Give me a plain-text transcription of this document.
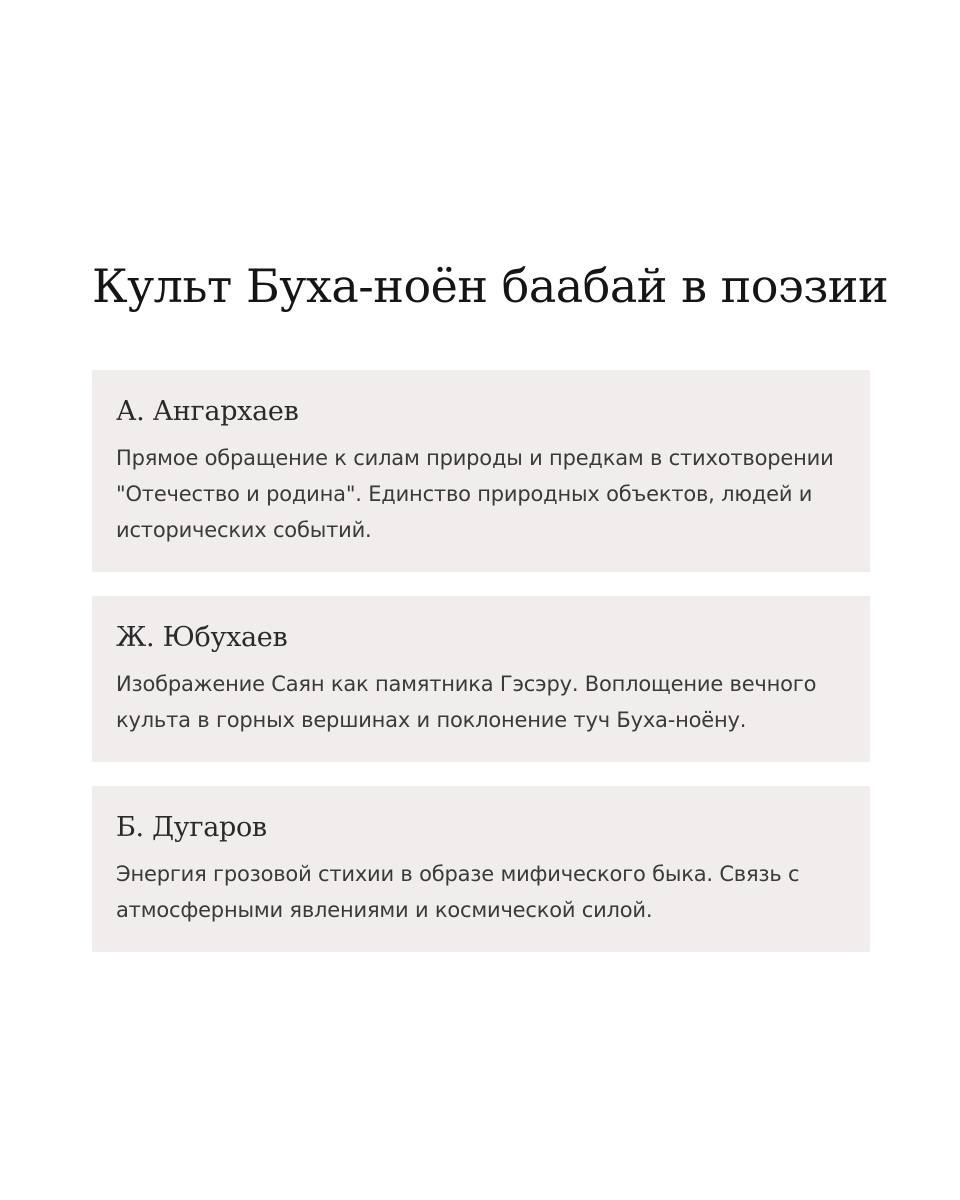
Культ Буха-ноён баабай в поэзии
А. Ангархаев

Прямое обращение к силам природы и предкам в стихотворении "Отечество и родина". Единство природных объектов, людей и исторических событий.

Ж. Юбухаев

Изображение Саян как памятника Гэсэру. Воплощение вечного культа в горных вершинах и поклонение туч Буха-ноёну.

Б. Дугаров

Энергия грозовой стихии в образе мифического быка. Связь с атмосферными явлениями и космической силой.
